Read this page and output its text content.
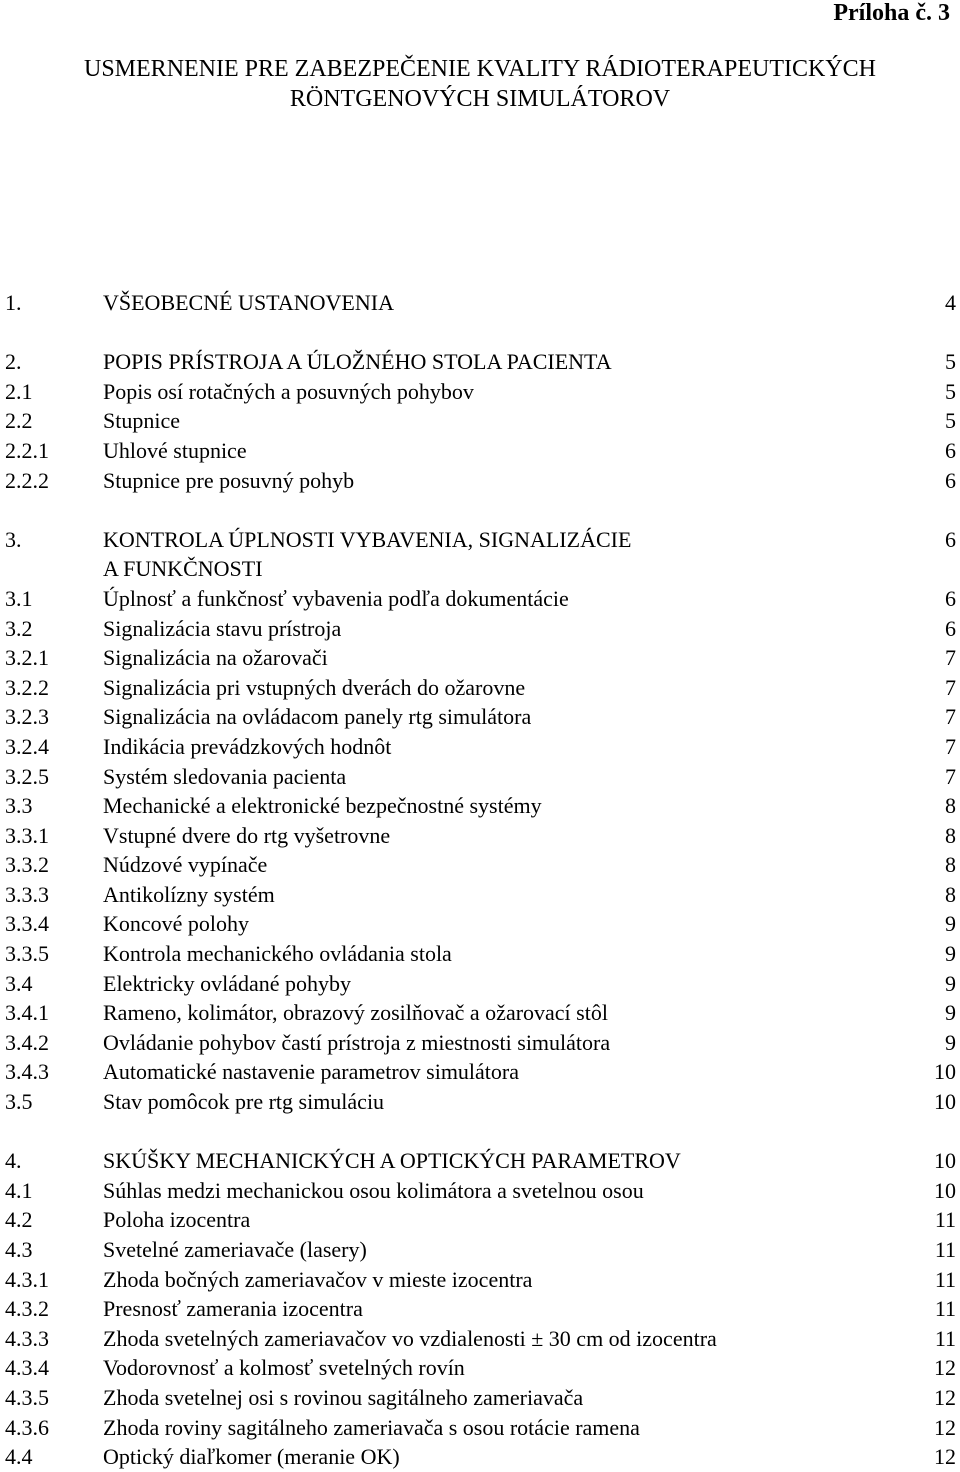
Príloha č. 3
USMERNENIE PRE ZABEZPEČENIE KVALITY RÁDIOTERAPEUTICKÝCH
RÖNTGENOVÝCH SIMULÁTOROV
1.	VŠEOBECNÉ USTANOVENIA	4
2.	POPIS PRÍSTROJA A ÚLOŽNÉHO STOLA PACIENTA	5
2.1	Popis osí rotačných a posuvných pohybov	5
2.2	Stupnice	5
2.2.1 Uhlové stupnice	6
2.2.2 Stupnice pre posuvný pohyb	6
3.	KONTROLA ÚPLNOSTI VYBAVENIA, SIGNALIZÁCIE	6
A FUNKČNOSTI
3.1	Úplnosť a funkčnosť vybavenia podľa dokumentácie	6
3.2	Signalizácia stavu prístroja	6
3.2.1 Signalizácia na ožarovači	7
3.2.2 Signalizácia pri vstupných dverách do ožarovne	7
3.2.3 Signalizácia na ovládacom panely rtg simulátora	7
3.2.4 Indikácia prevádzkových hodnôt	7
3.2.5 Systém sledovania pacienta	7
3.3	Mechanické a elektronické bezpečnostné systémy	8
3.3.1 Vstupné dvere do rtg vyšetrovne	8
3.3.2 Núdzové vypínače	8
3.3.3 Antikolízny systém	8
3.3.4 Koncové polohy	9
3.3.5 Kontrola mechanického ovládania stola	9
3.4	Elektricky ovládané pohyby	9
3.4.1 Rameno, kolimátor, obrazový zosilňovač a ožarovací stôl	9
3.4.2 Ovládanie pohybov častí prístroja z miestnosti simulátora	9
3.4.3 Automatické nastavenie parametrov simulátora	10
3.5	Stav pomôcok pre rtg simuláciu	10
4.	SKÚŠKY MECHANICKÝCH A OPTICKÝCH PARAMETROV	10
4.1	Súhlas medzi mechanickou osou kolimátora a svetelnou osou	10
4.2	Poloha izocentra	11
4.3	Svetelné zameriavače (lasery)	11
4.3.1 Zhoda bočných zameriavačov v mieste izocentra	11
4.3.2 Presnosť zamerania izocentra	11
4.3.3 Zhoda svetelných zameriavačov vo vzdialenosti ± 30 cm od izocentra	11
4.3.4 Vodorovnosť a kolmosť svetelných rovín	12
4.3.5 Zhoda svetelnej osi s rovinou sagitálneho zameriavača	12
4.3.6 Zhoda roviny sagitálneho zameriavača s osou rotácie ramena	12
4.4	Optický diaľkomer (meranie OK)	12
